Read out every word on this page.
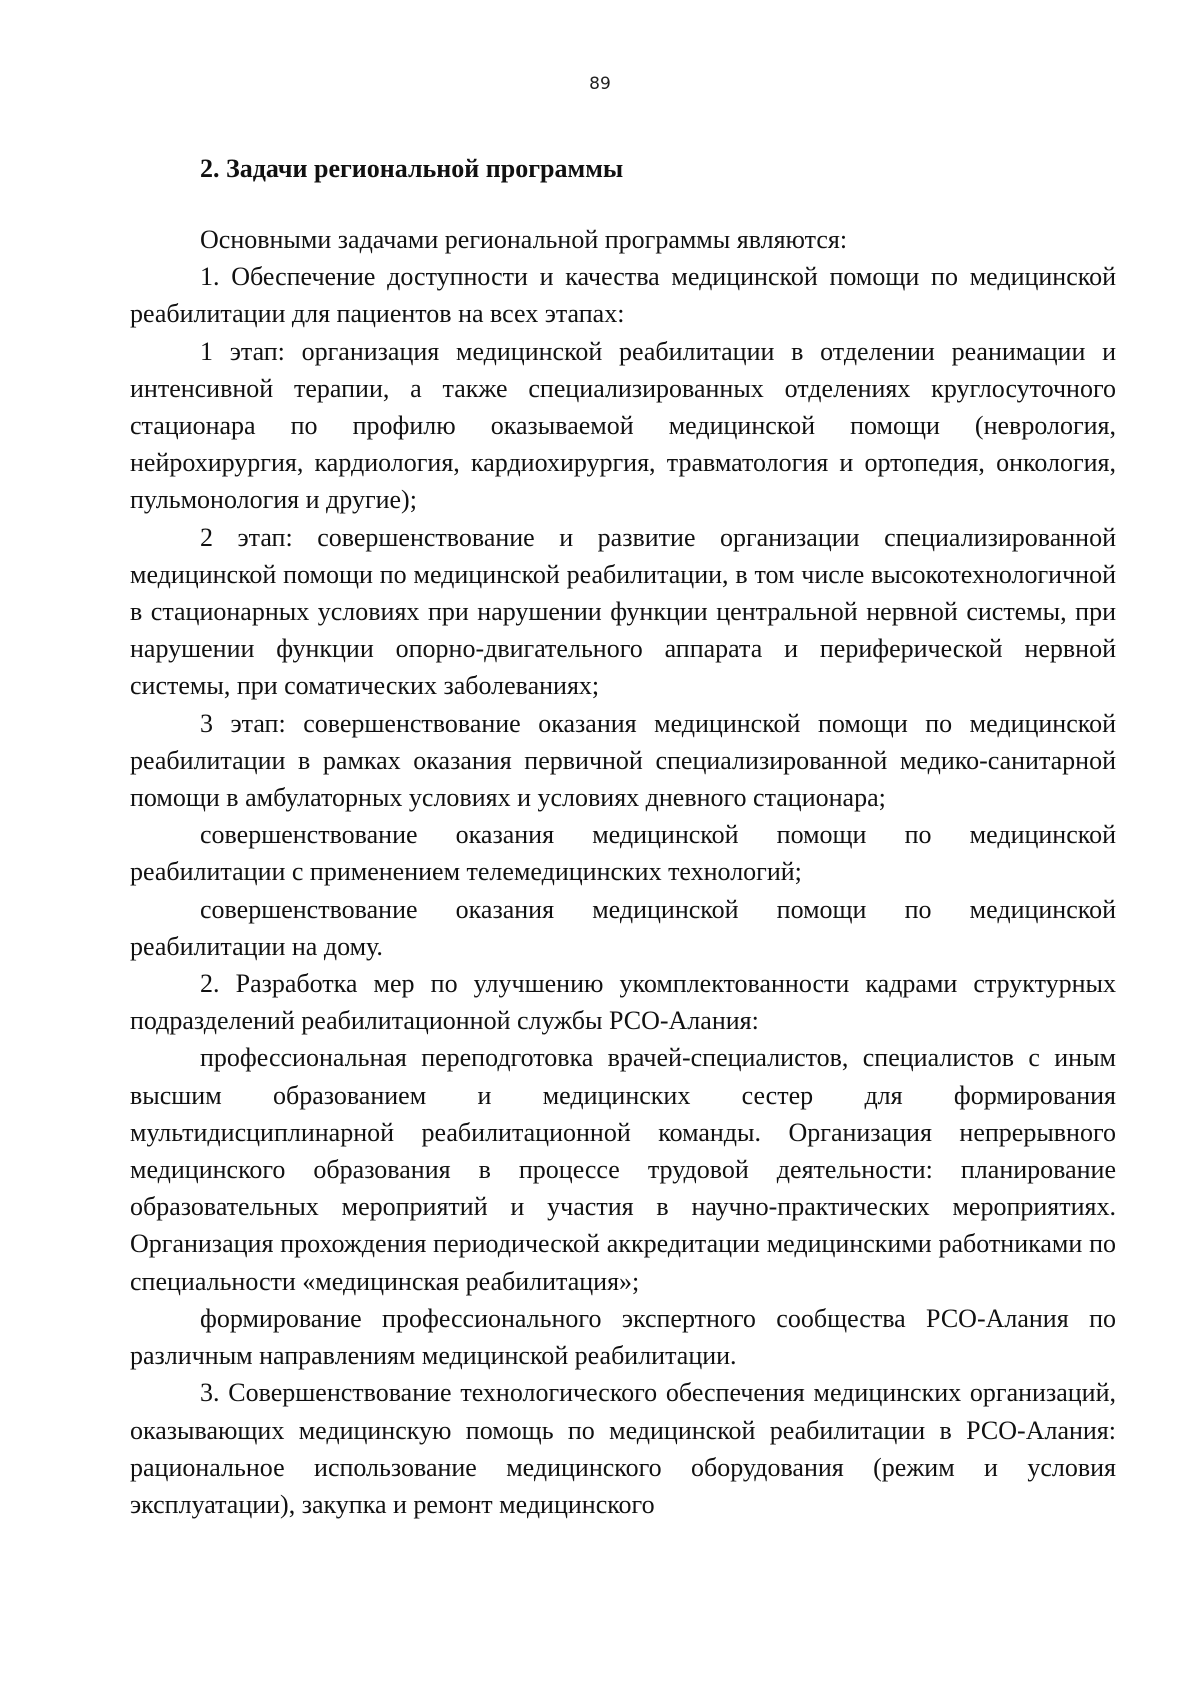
89
2. Задачи региональной программы

Основными задачами региональной программы являются:

1. Обеспечение доступности и качества медицинской помощи по медицинской реабилитации для пациентов на всех этапах:

1 этап: организация медицинской реабилитации в отделении реанимации и интенсивной терапии, а также специализированных отделениях круглосуточного стационара по профилю оказываемой медицинской помощи (неврология, нейрохирургия, кардиология, кардиохирургия, травматология и ортопедия, онкология, пульмонология и другие);

2 этап: совершенствование и развитие организации специализированной медицинской помощи по медицинской реабилитации, в том числе высокотехнологичной в стационарных условиях при нарушении функции центральной нервной системы, при нарушении функции опорно-двигательного аппарата и периферической нервной системы, при соматических заболеваниях;

3 этап: совершенствование оказания медицинской помощи по медицинской реабилитации в рамках оказания первичной специализированной медико-санитарной помощи в амбулаторных условиях и условиях дневного стационара;

совершенствование оказания медицинской помощи по медицинской реабилитации с применением телемедицинских технологий;

совершенствование оказания медицинской помощи по медицинской реабилитации на дому.

2. Разработка мер по улучшению укомплектованности кадрами структурных подразделений реабилитационной службы РСО-Алания:

профессиональная переподготовка врачей-специалистов, специалистов с иным высшим образованием и медицинских сестер для формирования мультидисциплинарной реабилитационной команды. Организация непрерывного медицинского образования в процессе трудовой деятельности: планирование образовательных мероприятий и участия в научно-практических мероприятиях. Организация прохождения периодической аккредитации медицинскими работниками по специальности «медицинская реабилитация»;

формирование профессионального экспертного сообщества РСО-Алания по различным направлениям медицинской реабилитации.

3. Совершенствование технологического обеспечения медицинских организаций, оказывающих медицинскую помощь по медицинской реабилитации в РСО-Алания: рациональное использование медицинского оборудования (режим и условия эксплуатации), закупка и ремонт медицинского
